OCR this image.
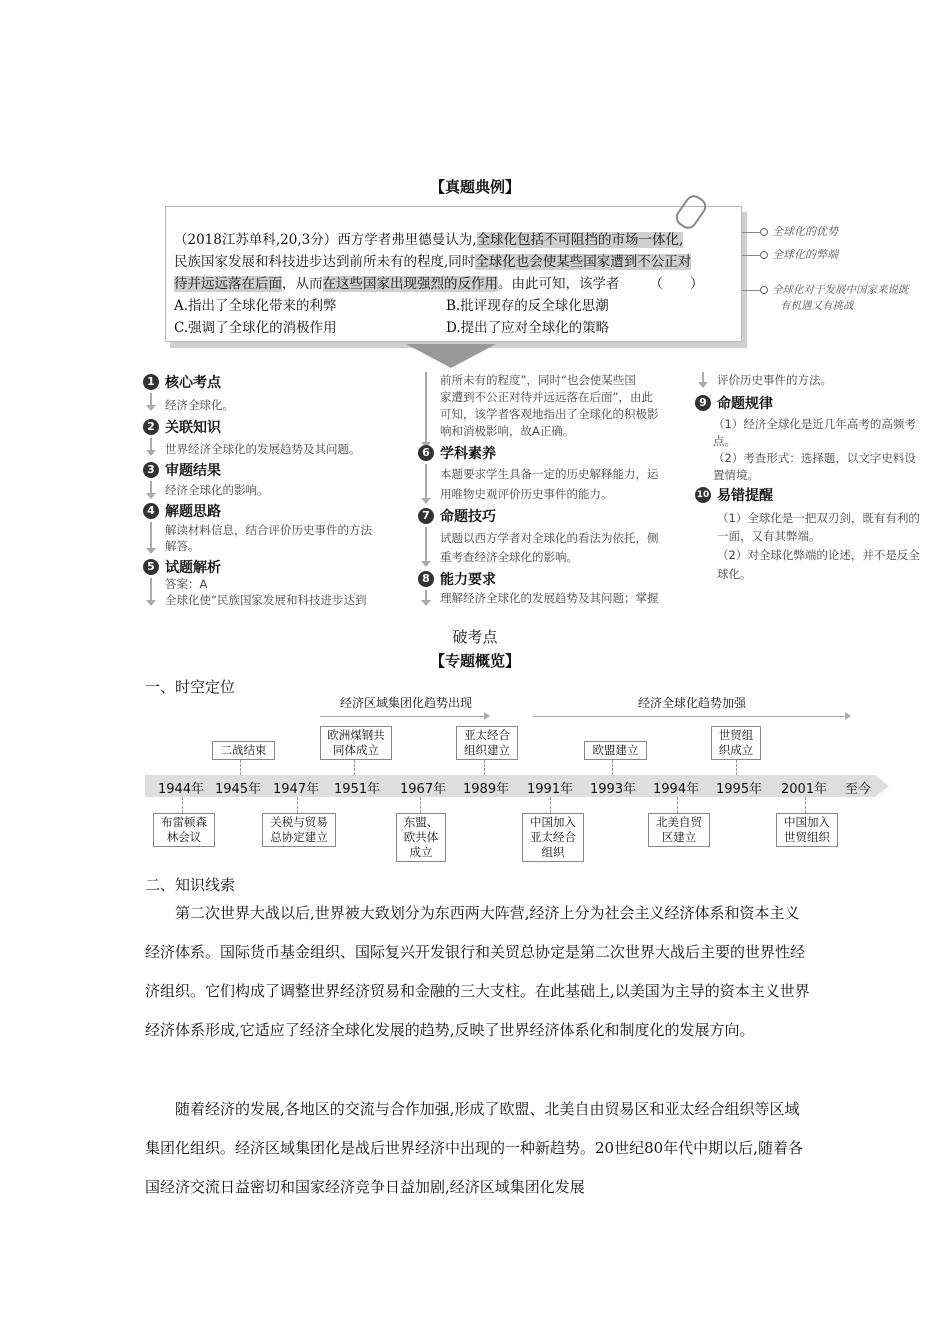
【真题典例】

（2018江苏单科,20,3分）西方学者弗里德曼认为,全球化包括不可阻挡的市场一体化,

民族国家发展和科技进步达到前所未有的程度,同时全球化也会使某些国家遭到不公正对

待并远远落在后面，从而在这些国家出现强烈的反作用。由此可知，该学者 （　　）

A.指出了全球化带来的利弊	B.批评现存的反全球化思潮

C.强调了全球化的消极作用	D.提出了应对全球化的策略

全球化的优势
全球化的弊端
全球化对于发展中国家来说既
有机遇又有挑战
1 核心考点
经济全球化。
2 关联知识
世界经济全球化的发展趋势及其问题。
3 审题结果
经济全球化的影响。
4 解题思路
解读材料信息，结合评价历史事件的方法
解答。
5 试题解析
答案：A
全球化使“民族国家发展和科技进步达到
前所未有的程度”，同时“也会使某些国
家遭到不公正对待并远远落在后面”，由此
可知，该学者客观地指出了全球化的积极影
响和消极影响，故A正确。
6 学科素养
本题要求学生具备一定的历史解释能力，运
用唯物史观评价历史事件的能力。
7 命题技巧
试题以西方学者对全球化的看法为依托，侧
重考查经济全球化的影响。
8 能力要求
理解经济全球化的发展趋势及其问题；掌握
评价历史事件的方法。
9 命题规律
（1）经济全球化是近几年高考的高频考
点。
（2）考查形式：选择题，以文字史料设
置情境。
10 易错提醒
（1）全球化是一把双刃剑，既有有利的
一面，又有其弊端。
（2）对全球化弊端的论述，并不是反全
球化。
破考点
【专题概览】
一、时空定位
经济区域集团化趋势出现	经济全球化趋势加强
二战结束
欧洲煤钢共同体成立
亚太经合组织建立	欧盟建立
世贸组织成立
1944年 1945年 1947年 1951年 1967年 1989年 1991年 1993年 1994年 1995年 2001年 至今
布雷顿森林会议
关税与贸易总协定建立
东盟、欧共体成立
中国加入亚太经合组织
北美自贸区建立
中国加入世贸组织
二、知识线索

第二次世界大战以后,世界被大致划分为东西两大阵营,经济上分为社会主义经济体系和资本主义经济体系。国际货币基金组织、国际复兴开发银行和关贸总协定是第二次世界大战后主要的世界性经济组织。它们构成了调整世界经济贸易和金融的三大支柱。在此基础上,以美国为主导的资本主义世界经济体系形成,它适应了经济全球化发展的趋势,反映了世界经济体系化和制度化的发展方向。

随着经济的发展,各地区的交流与合作加强,形成了欧盟、北美自由贸易区和亚太经合组织等区域集团化组织。经济区域集团化是战后世界经济中出现的一种新趋势。20世纪80年代中期以后,随着各国经济交流日益密切和国家经济竞争日益加剧,经济区域集团化发展
